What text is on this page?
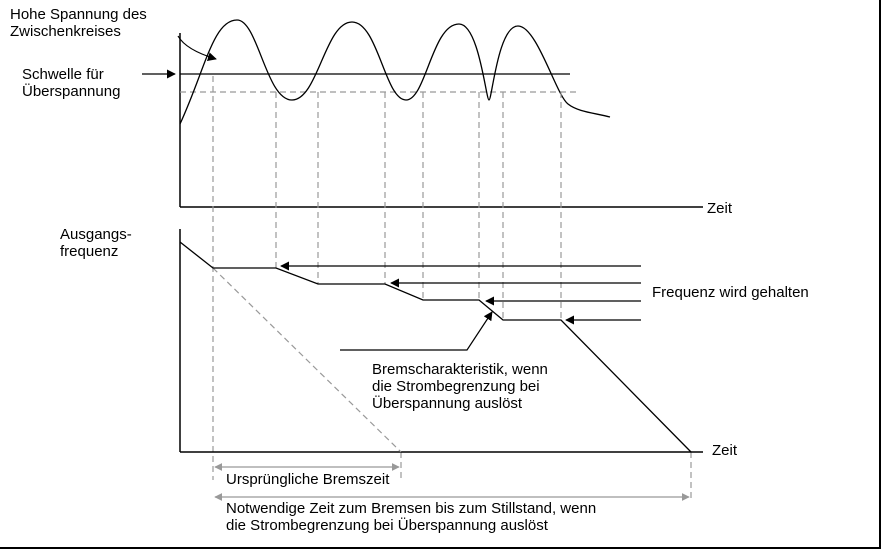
Hohe Spannung des
Zwischenkreises
Schwelle für
Überspannung
Zeit
Ausgangs-
frequenz
Frequenz wird gehalten
Bremscharakteristik, wenn
die Strombegrenzung bei
Überspannung auslöst
Zeit
Ursprüngliche Bremszeit
Notwendige Zeit zum Bremsen bis zum Stillstand, wenn
die Strombegrenzung bei Überspannung auslöst
